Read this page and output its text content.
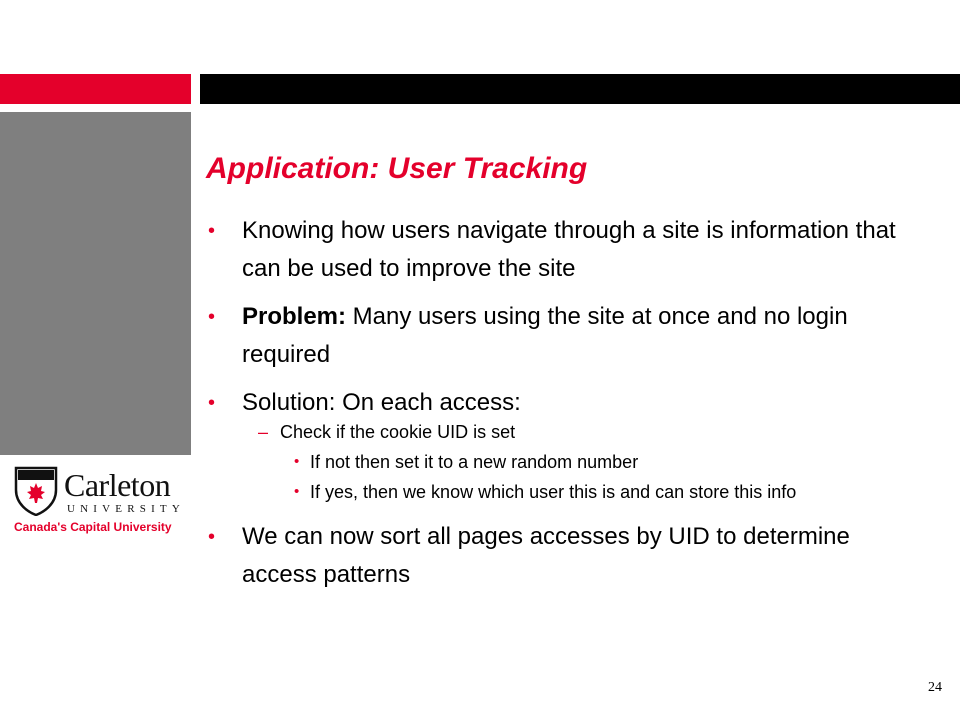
Carleton
UNIVERSITY
Canada's Capital University
Application: User Tracking
• Knowing how users navigate through a site is information that can be used to improve the site
• Problem: Many users using the site at once and no login required
• Solution: On each access:
– Check if the cookie UID is set
• If not then set it to a new random number
• If yes, then we know which user this is and can store this info
• We can now sort all pages accesses by UID to determine access patterns
24
